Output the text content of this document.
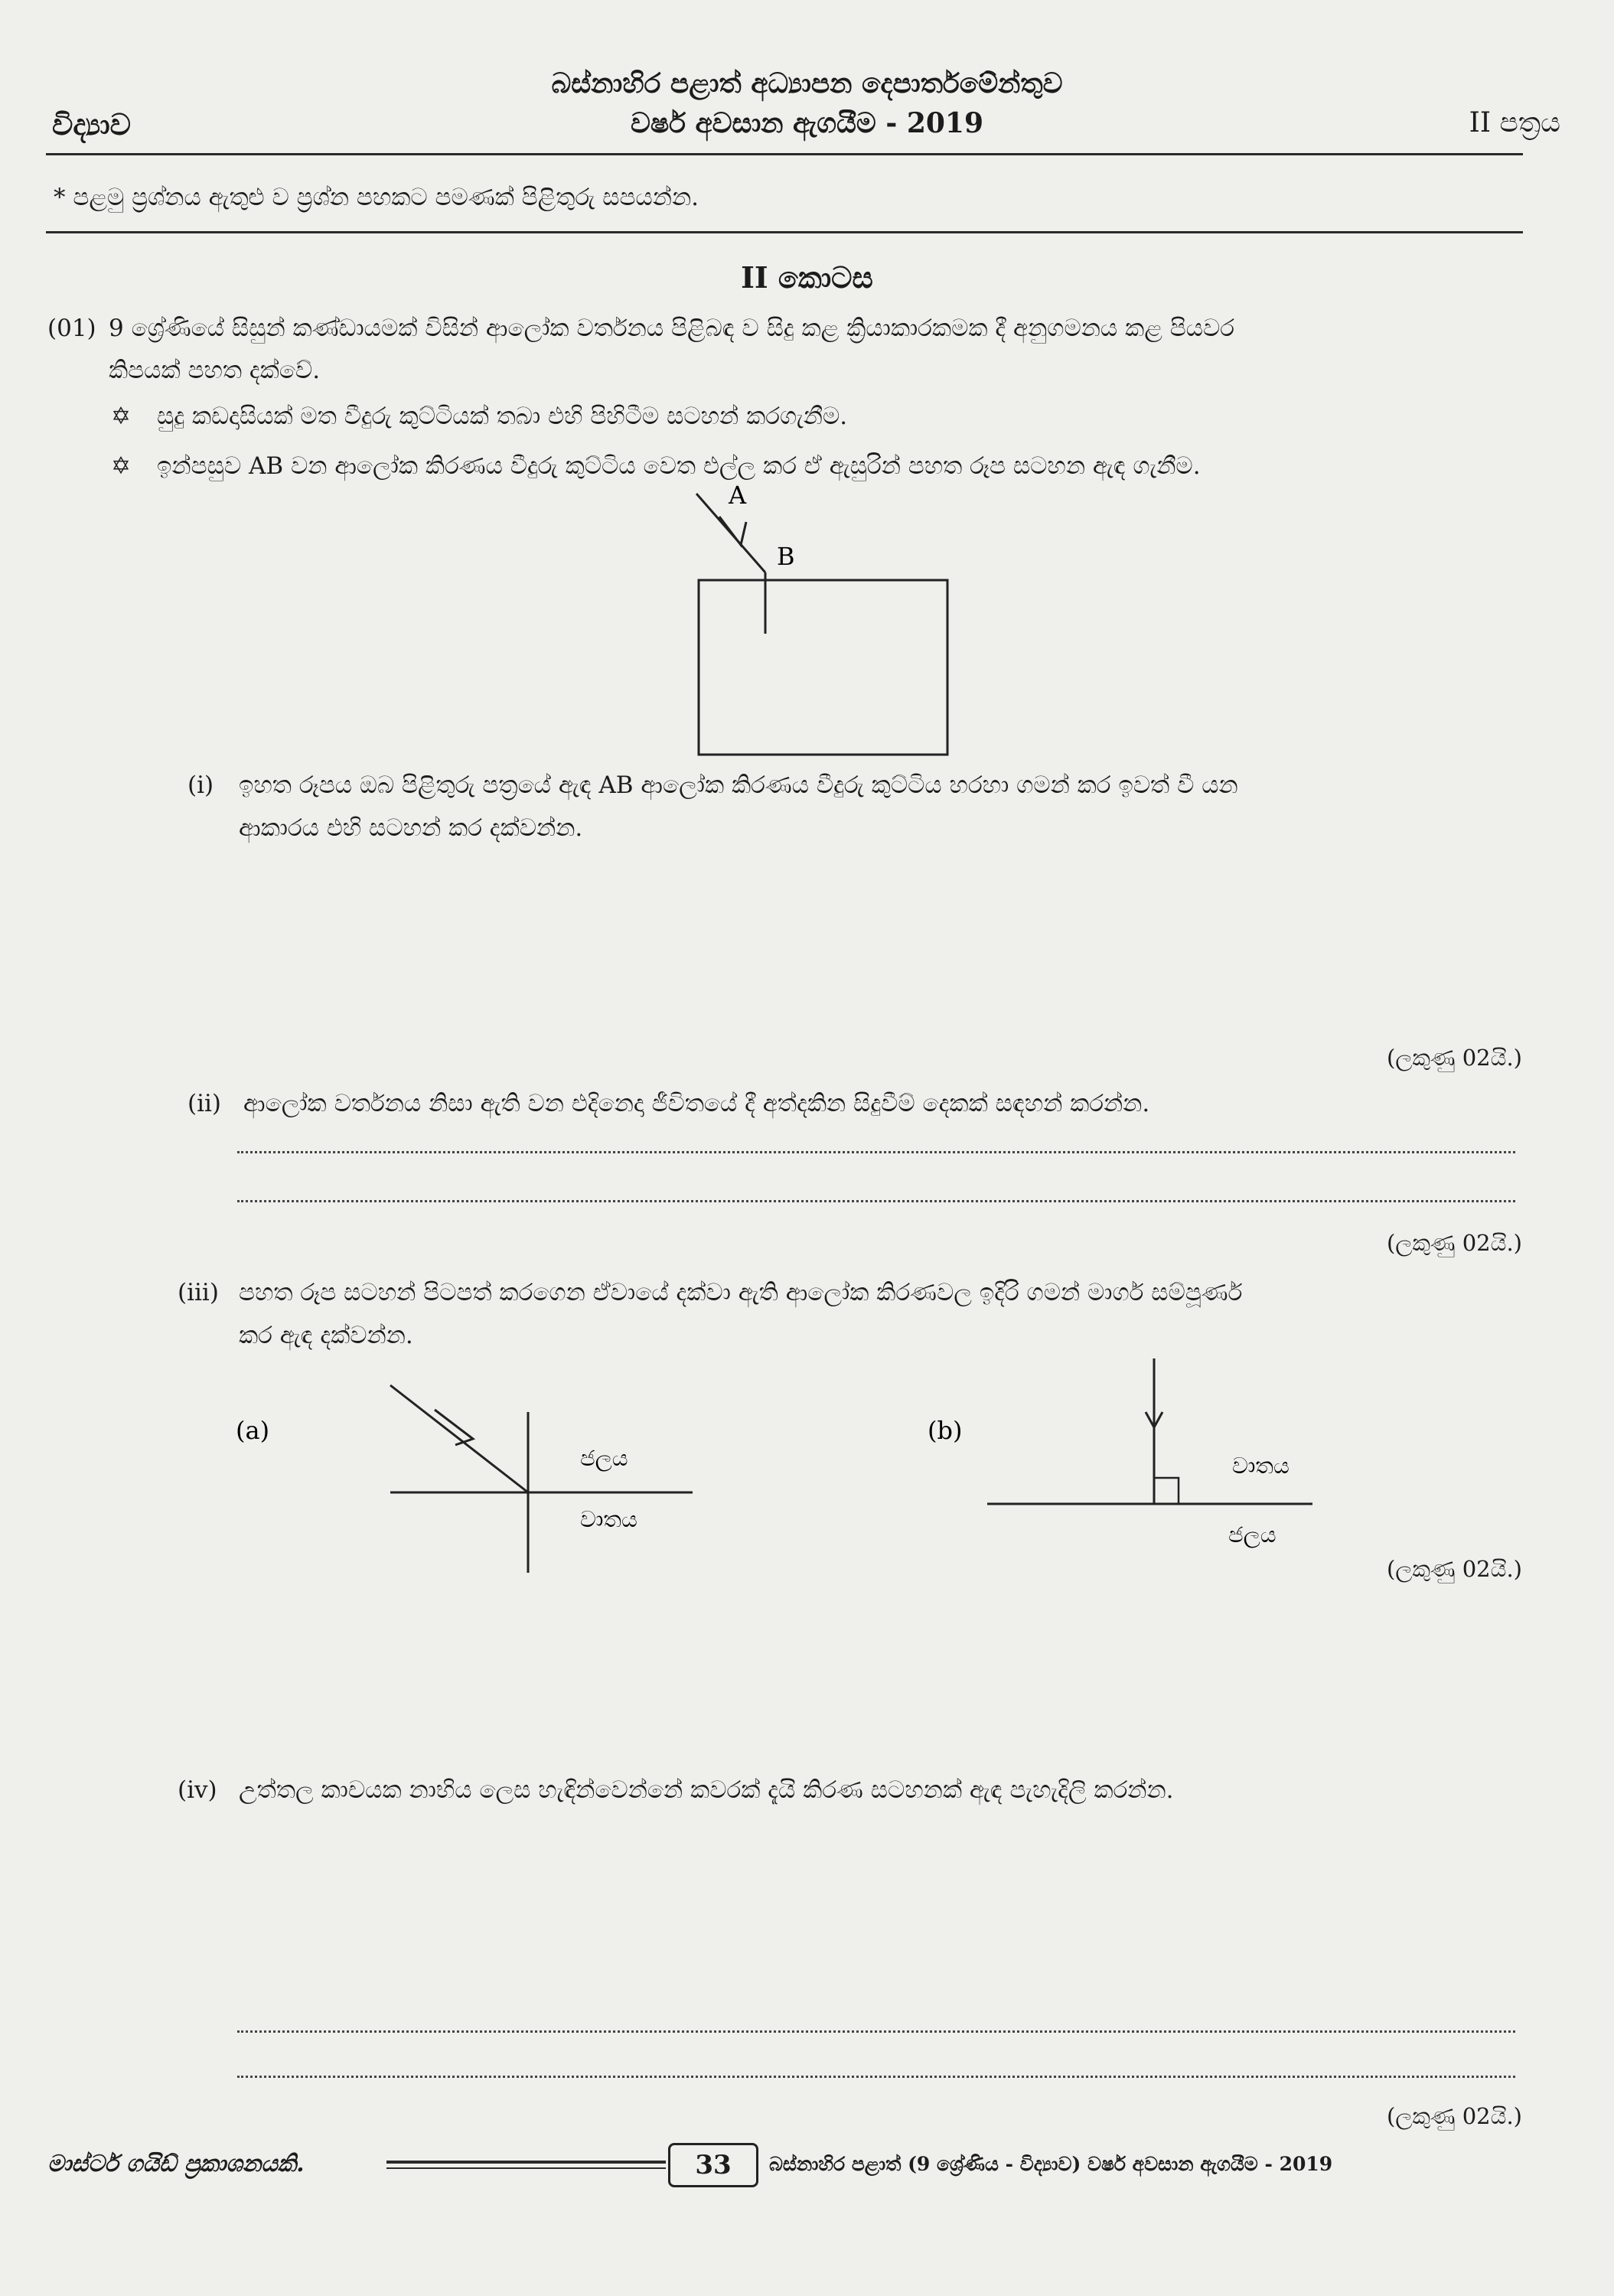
බස්නාහිර පළාත් අධ්‍යාපන දෙපාර්තමේන්තුව
වර්ෂ අවසාන ඇගයීම - 2019
විද්‍යාව	II පත්‍රය
* පළමු ප්‍රශ්නය ඇතුළු ව ප්‍රශ්න පහකට පමණක් පිළිතුරු සපයන්න.
II කොටස
(01) 9 ශ්‍රේණියේ සිසුන් කණ්ඩායමක් විසින් ආලෝක වර්තනය පිළිබඳ ව සිදු කළ ක්‍රියාකාරකමක දී අනුගමනය කළ පියවර
කිපයක් පහත දක්වේ.
✡ සුදු කඩදාසියක් මත වීදුරු කුට්ටියක් තබා එහි පිහිටීම සටහන් කරගැනීම.
✡ ඉන්පසුව AB වන ආලෝක කිරණය වීදුරු කුට්ටිය වෙත එල්ල කර ඒ ඇසුරින් පහත රූප සටහන ඇඳ ගැනීම.
A
B
(i) ඉහත රූපය ඔබ පිළිතුරු පත්‍රයේ ඇඳ AB ආලෝක කිරණය වීදුරු කුට්ටිය හරහා ගමන් කර ඉවත් වී යන
ආකාරය එහි සටහන් කර දක්වන්න.
(ලකුණු 02යි.)
(ii) ආලෝක වර්තනය නිසා ඇති වන එදිනෙදා ජීවිතයේ දී අත්දකින සිදුවීම් දෙකක් සඳහන් කරන්න.
(ලකුණු 02යි.)
(iii) පහත රූප සටහන් පිටපත් කරගෙන ඒවායේ දක්වා ඇති ආලෝක කිරණවල ඉදිරි ගමන් මාර්ග සම්පූර්ණ
කර ඇඳ දක්වන්න.
(a)
ජලය
වාතය
(b)
වාතය
ජලය
(ලකුණු 02යි.)
(iv) උත්තල කාචයක නාභිය ලෙස හැඳින්වෙන්නේ කවරක් දැයි කිරණ සටහනක් ඇඳ පැහැදිලි කරන්න.
(ලකුණු 02යි.)
මාස්ටර් ගයිඩ් ප්‍රකාශනයකි.	33	බස්නාහිර පළාත් (9 ශ්‍රේණිය - විද්‍යාව) වර්ෂ අවසාන ඇගයීම - 2019
